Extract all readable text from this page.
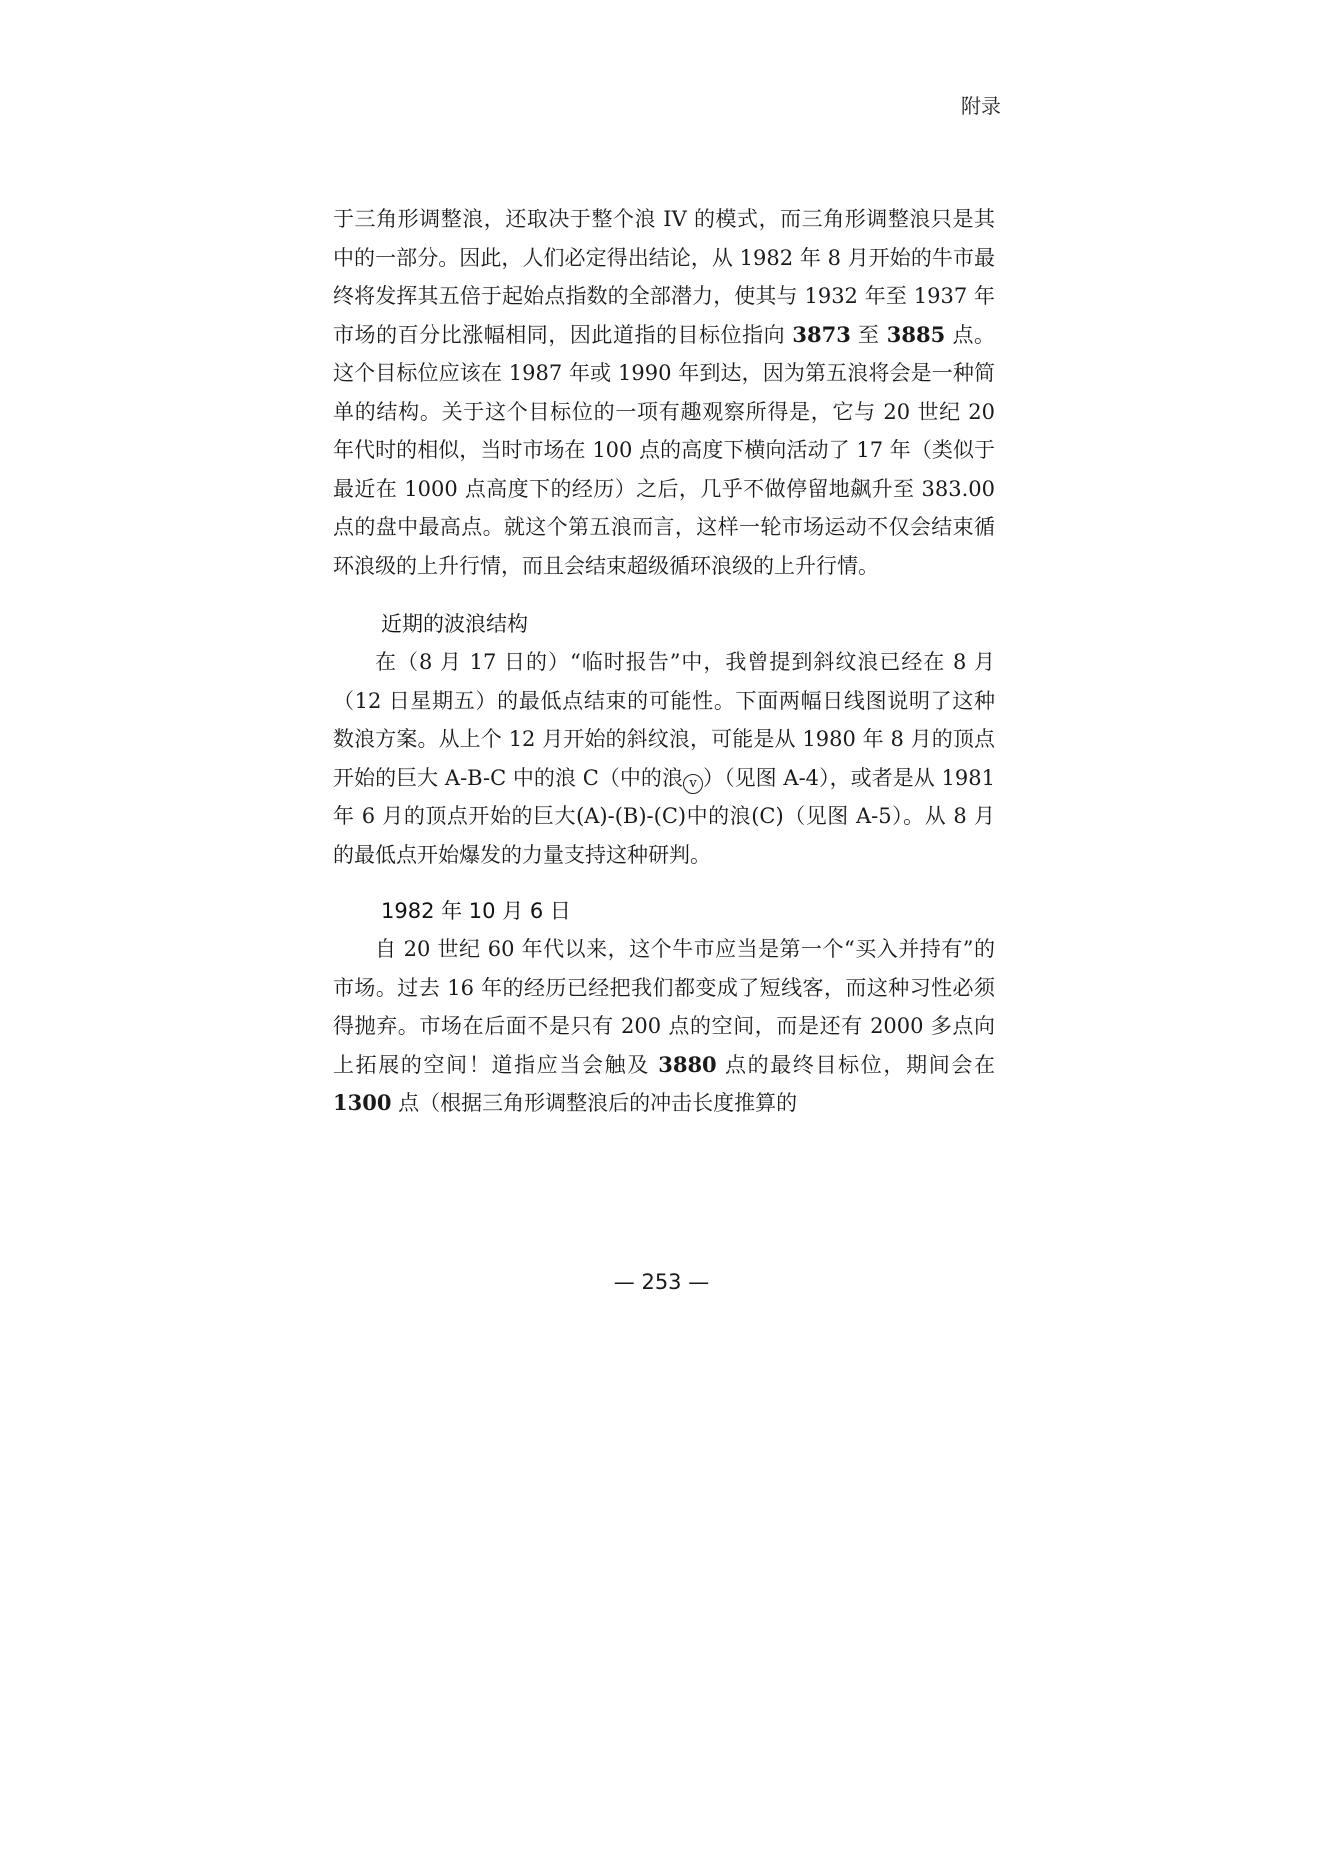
附录

于三角形调整浪，还取决于整个浪 IV 的模式，而三角形调整浪只是其中的一部分。因此，人们必定得出结论，从 1982 年 8 月开始的牛市最终将发挥其五倍于起始点指数的全部潜力，使其与 1932 年至 1937 年市场的百分比涨幅相同，因此道指的目标位指向 3873 至 3885 点。这个目标位应该在 1987 年或 1990 年到达，因为第五浪将会是一种简单的结构。关于这个目标位的一项有趣观察所得是，它与 20 世纪 20 年代时的相似，当时市场在 100 点的高度下横向活动了 17 年（类似于最近在 1000 点高度下的经历）之后，几乎不做停留地飙升至 383.00 点的盘中最高点。就这个第五浪而言，这样一轮市场运动不仅会结束循环浪级的上升行情，而且会结束超级循环浪级的上升行情。

近期的波浪结构

在（8 月 17 日的）“临时报告”中，我曾提到斜纹浪已经在 8 月（12 日星期五）的最低点结束的可能性。下面两幅日线图说明了这种数浪方案。从上个 12 月开始的斜纹浪，可能是从 1980 年 8 月的顶点开始的巨大 A-B-C 中的浪 C（中的浪 v ）（见图 A-4），或者是从 1981 年 6 月的顶点开始的巨大(A)-(B)-(C)中的浪(C)（见图 A-5）。从 8 月的最低点开始爆发的力量支持这种研判。

1982 年 10 月 6 日

自 20 世纪 60 年代以来，这个牛市应当是第一个“买入并持有”的市场。过去 16 年的经历已经把我们都变成了短线客，而这种习性必须得抛弃。市场在后面不是只有 200 点的空间，而是还有 2000 多点向上拓展的空间！道指应当会触及 3880 点的最终目标位，期间会在 1300 点（根据三角形调整浪后的冲击长度推算的

— 253 —
